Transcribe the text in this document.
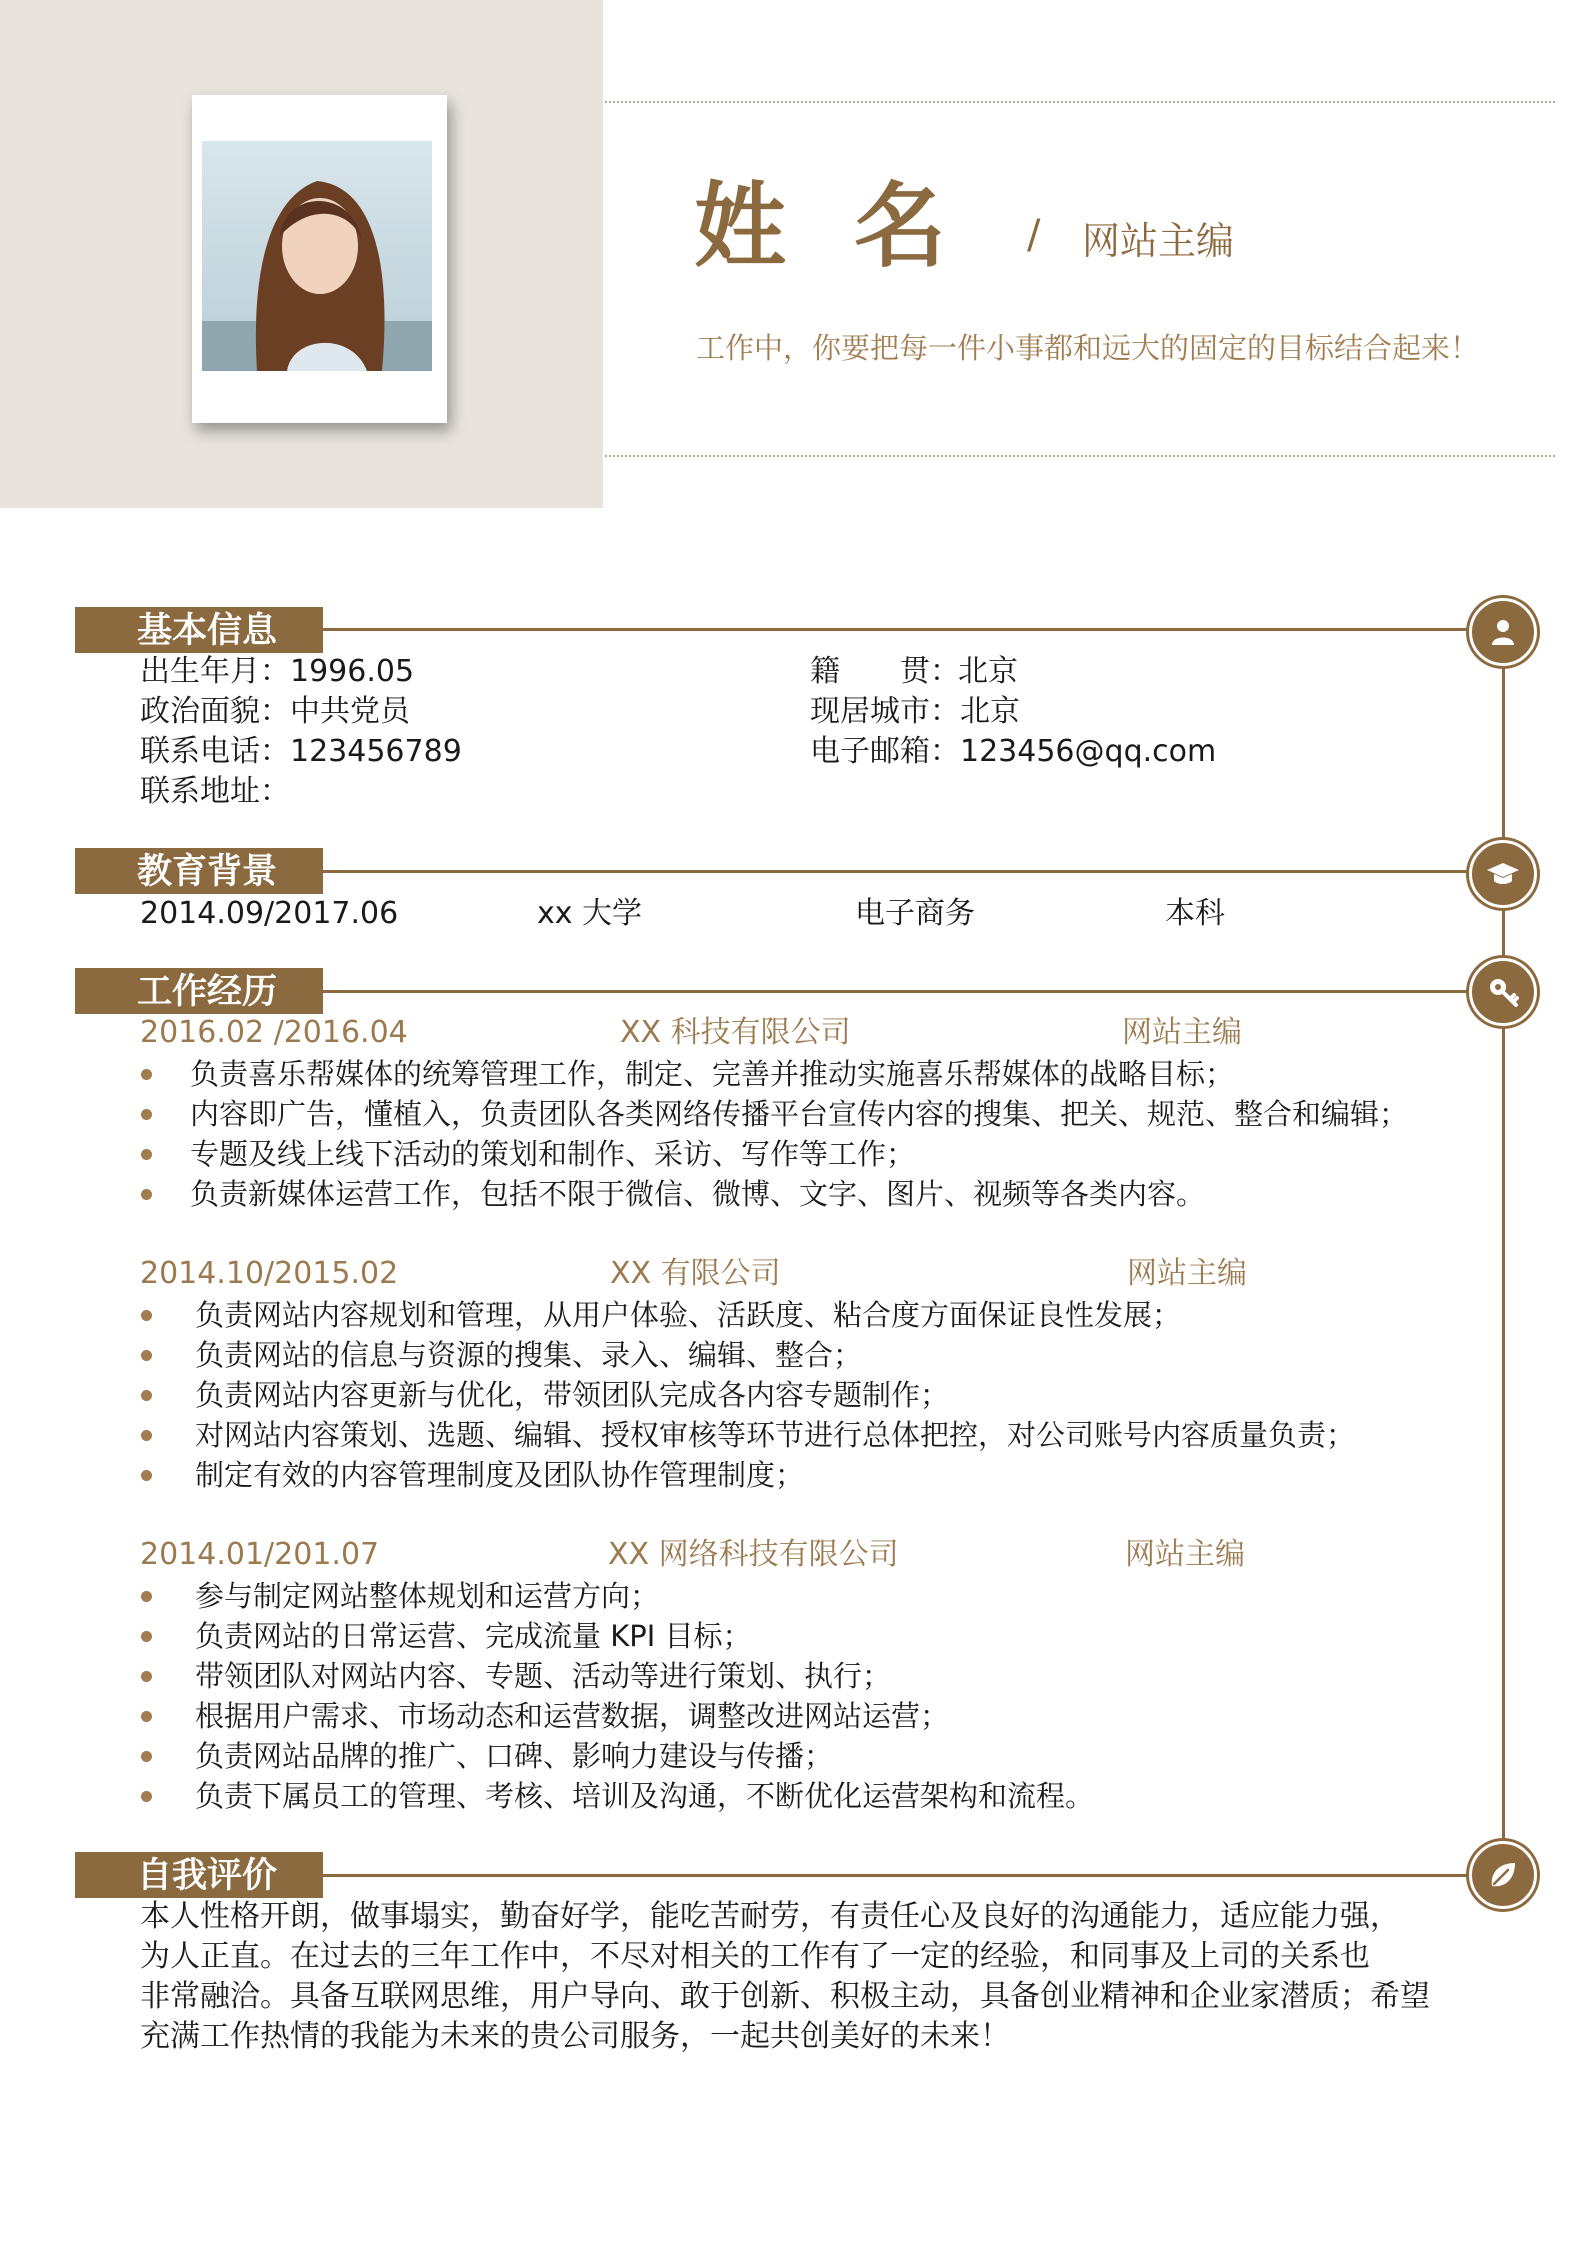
姓名 / 网站主编
工作中，你要把每一件小事都和远大的固定的目标结合起来！
基本信息
出生年月：1996.05
政治面貌：中共党员
联系电话：123456789
联系地址：
籍　　贯：
北京
现居城市：北京
电子邮箱：123456@qq.com
教育背景
2014.09/2017.06	xx 大学	电子商务	本科
工作经历
2016.02 /2016.04	XX 科技有限公司	网站主编
负责喜乐帮媒体的统筹管理工作，制定、完善并推动实施喜乐帮媒体的战略目标；
内容即广告，懂植入，负责团队各类网络传播平台宣传内容的搜集、把关、规范、整合和编辑；
专题及线上线下活动的策划和制作、采访、写作等工作；
负责新媒体运营工作，包括不限于微信、微博、文字、图片、视频等各类内容。
2014.10/2015.02	XX 有限公司	网站主编
负责网站内容规划和管理，从用户体验、活跃度、粘合度方面保证良性发展；
负责网站的信息与资源的搜集、录入、编辑、整合；
负责网站内容更新与优化，带领团队完成各内容专题制作；
对网站内容策划、选题、编辑、授权审核等环节进行总体把控，对公司账号内容质量负责；
制定有效的内容管理制度及团队协作管理制度；
2014.01/201.07	XX 网络科技有限公司	网站主编
参与制定网站整体规划和运营方向；
负责网站的日常运营、完成流量 KPI 目标；
带领团队对网站内容、专题、活动等进行策划、执行；
根据用户需求、市场动态和运营数据，调整改进网站运营；
负责网站品牌的推广、口碑、影响力建设与传播；
负责下属员工的管理、考核、培训及沟通，不断优化运营架构和流程。
自我评价
本人性格开朗，做事塌实，勤奋好学，能吃苦耐劳，有责任心及良好的沟通能力，适应能力强，
为人正直。在过去的三年工作中，不尽对相关的工作有了一定的经验，和同事及上司的关系也
非常融洽。具备互联网思维，用户导向、敢于创新、积极主动，具备创业精神和企业家潜质；希望
充满工作热情的我能为未来的贵公司服务，一起共创美好的未来！
